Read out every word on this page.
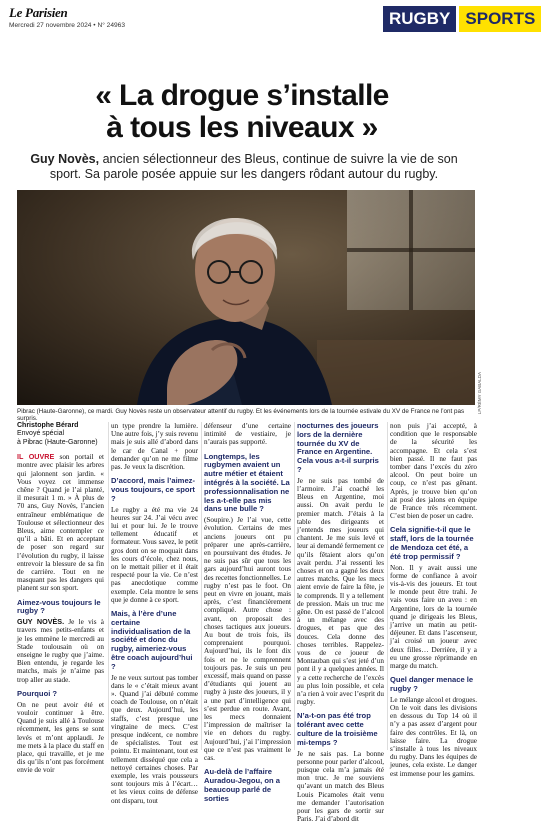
Le Parisien
Mercredi 27 novembre 2024 • N° 24963	RUGBY SPORTS
« La drogue s’installe
à tous les niveaux »
Guy Novès, ancien sélectionneur des Bleus, continue de suivre la vie de son sport. Sa parole posée appuie sur les dangers rôdant autour du rugby.
LP/RÉMY GABALDA
Pibrac (Haute-Garonne), ce mardi. Guy Novès reste un observateur attentif du rugby. Et les événements lors de la tournée estivale du XV de France ne l’ont pas surpris.
Christophe Bérard
Envoyé spécial
à Pibrac (Haute-Garonne)

IL OUVRE son portail et montre avec plaisir les arbres qui jalonnent son jardin. « Vous voyez cet immense chêne ? Quand je l’ai planté, il mesurait 1 m. » À plus de 70 ans, Guy Novès, l’ancien entraîneur emblématique de Toulouse et sélectionneur des Bleus, aime contempler ce qu’il a bâti. Et en acceptant de poser son regard sur l’évolution du rugby, il laisse entrevoir la blessure de sa fin de carrière. Tout en ne masquant pas les dangers qui planent sur son sport.

Aimez-vous toujours le rugby ?

GUY NOVÈS. Je le vis à travers mes petits-enfants et je les emmène le mercredi au Stade toulousain où on enseigne le rugby que j’aime. Bien entendu, je regarde les matchs, mais je n’aime pas trop aller au stade.

Pourquoi ?

On ne peut avoir été et vouloir continuer à être. Quand je suis allé à Toulouse récemment, les gens se sont levés et m’ont applaudi. Je me mets à la place du staff en place, qui travaille, et je me dis qu’ils n’ont pas forcément envie de voir

un type prendre la lumière. Une autre fois, j’y suis revenu mais je suis allé d’abord dans le car de Canal + pour demander qu’on ne me filme pas. Je veux la discrétion.

D’accord, mais l’aimez-vous toujours, ce sport ?

Le rugby a été ma vie 24 heures sur 24. J’ai vécu avec lui et pour lui. Je le trouve tellement éducatif et formateur. Vous savez, le petit gros dont on se moquait dans les cours d’école, chez nous, on le mettait pilier et il était respecté pour la vie. Ce n’est pas anecdotique comme exemple. Cela montre le sens que je donne à ce sport.

Mais, à l’ère d’une certaine individualisation de la société et donc du rugby, aimeriez-vous être coach aujourd’hui ?

Je ne veux surtout pas tomber dans le « c’était mieux avant ». Quand j’ai débuté comme coach de Toulouse, on n’était que deux. Aujourd’hui, les staffs, c’est presque une vingtaine de mecs. C’est presque indécent, ce nombre de spécialistes. Tout est pointu. Et maintenant, tout est tellement disséqué que cela a nettoyé certaines choses. Par exemple, les vrais pousseurs sont toujours mis à l’écart… et les vieux coins de défense ont disparu, tout

défenseur d’une certaine intimité de vestiaire, je n’aurais pas supporté.

Longtemps, les rugbymen avaient un autre métier et étaient intégrés à la société. La professionnalisation ne les a-t-elle pas mis dans une bulle ?

(Soupire.) Je l’ai vue, cette évolution. Certains de mes anciens joueurs ont pu préparer une après-carrière, en poursuivant des études. Je ne suis pas sûr que tous les gars aujourd’hui auront tous des recettes fonctionnelles. Le rugby n’est pas le foot. On peut en vivre en jouant, mais après, c’est financièrement compliqué. Autre chose : avant, on proposait des choses tactiques aux joueurs. Au bout de trois fois, ils comprenaient pourquoi. Aujourd’hui, ils le font dix fois et ne le comprennent toujours pas. Je suis un peu excessif, mais quand on passe d’étudiants qui jouent au rugby à juste des joueurs, il y a une part d’intelligence qui s’est perdue en route. Avant, les mecs donnaient l’impression de maîtriser la vie en dehors du rugby. Aujourd’hui, j’ai l’impression que ce n’est pas vraiment le cas.

Au-delà de l’affaire Auradou-Jegou, on a beaucoup parlé de sorties
nocturnes des joueurs lors de la dernière tournée du XV de France en Argentine. Cela vous a-t-il surpris ?

Je ne suis pas tombé de l’armoire. J’ai coaché les Bleus en Argentine, moi aussi. On avait perdu le premier match. J’étais à la table des dirigeants et j’entends mes joueurs qui chantent. Je me suis levé et leur ai demandé fermement ce qu’ils fêtaient alors qu’on avait perdu. J’ai ressenti les choses et on a gagné les deux autres matchs. Que les mecs aient envie de faire la fête, je le comprends. Il y a tellement de pression. Mais un truc me gêne. On est passé de l’alcool à un mélange avec des drogues, et pas que des douces. Cela donne des choses terribles. Rappelez-vous de ce joueur de Montauban qui s’est jeté d’un pont il y a quelques années. Il y a cette recherche de l’excès au plus loin possible, et cela n’a rien à voir avec l’esprit du rugby.

N’a-t-on pas été trop tolérant avec cette culture de la troisième mi-temps ?

Je ne sais pas. La bonne personne pour parler d’alcool, puisque cela m’a jamais été mon truc. Je me souviens qu’avant un match des Bleus Louis Picamoles était venu me demander l’autorisation pour les gars de sortir sur Paris. J’ai d’abord dit

non puis j’ai accepté, à condition que le responsable de la sécurité les accompagne. Et cela s’est bien passé. Il ne faut pas tomber dans l’excès du zéro alcool. On peut boire un coup, ce n’est pas gênant. Après, je trouve bien qu’on ait posé des jalons en équipe de France très récemment. C’est bien de poser un cadre.

Cela signifie-t-il que le staff, lors de la tournée de Mendoza cet été, a été trop permissif ?

Non. Il y avait aussi une forme de confiance à avoir vis-à-vis des joueurs. Et tout le monde peut être trahi. Je vais vous faire un aveu : en Argentine, lors de la tournée quand je dirigeais les Bleus, j’arrive un matin au petit-déjeuner. Et dans l’ascenseur, j’ai croisé un joueur avec deux filles… Derrière, il y a eu une grosse réprimande en marge du match.

Quel danger menace le rugby ?

Le mélange alcool et drogues. On le voit dans les divisions en dessous du Top 14 où il n’y a pas assez d’argent pour faire des contrôles. Et là, on laisse faire. La drogue s’installe à tous les niveaux du rugby. Dans les équipes de jeunes, cela existe. Le danger est immense pour les gamins.
